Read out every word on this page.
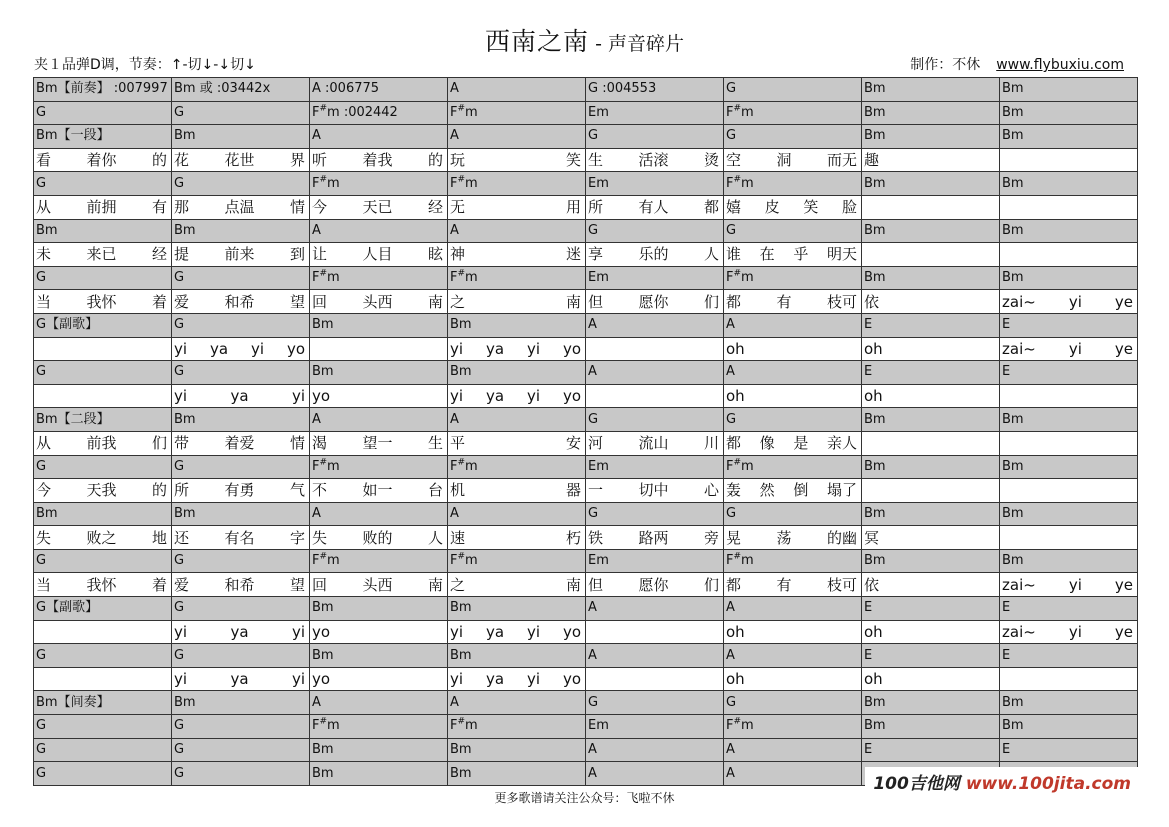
西南之南 - 声音碎片
夹１品弹D调，节奏：↑-切↓-↓切↓	制作：不休 www.flybuxiu.com
Bm【前奏】 :007997	Bm 或 :03442x	A :006775	A	G :004553	G	Bm	Bm
G	G	F#m :002442	F#m	Em	F#m	Bm	Bm
Bm【一段】	Bm	A	A	G	G	Bm	Bm

看 着你 的	花 花世 界	听 着我 的	玩 笑	生 活滚 烫	空 洞 而无	趣	
G	G	F#m	F#m	Em	F#m	Bm	Bm

从 前拥 有	那 点温 情	今 天已 经	无 用	所 有人 都	嬉 皮 笑 脸		

Bm	Bm	A	A	G	G	Bm	Bm

未 来已 经	提 前来 到	让 人目 眩	神 迷	享 乐的 人	谁 在 乎 明天		

G	G	F#m	F#m	Em	F#m	Bm	Bm

当 我怀 着	爱 和希 望	回 头西 南	之 南	但 愿你 们	都 有 枝可	依	zai~ yi ye

G【副歌】	G	Bm	Bm	A	A	E	E

	yi ya yi yo		yi ya yi yo		oh	oh	zai~ yi ye

G	G	Bm	Bm	A	A	E	E

	yi ya yi	yo	yi ya yi yo		oh	oh	
Bm【二段】	Bm	A	A	G	G	Bm	Bm

从 前我 们	带 着爱 情	渴 望一 生	平 安	河 流山 川	都 像 是 亲人		

G	G	F#m	F#m	Em	F#m	Bm	Bm

今 天我 的	所 有勇 气	不 如一 台	机 器	一 切中 心	轰 然 倒 塌了		

Bm	Bm	A	A	G	G	Bm	Bm

失 败之 地	还 有名 字	失 败的 人	速 朽	铁 路两 旁	晃 荡 的幽	冥	
G	G	F#m	F#m	Em	F#m	Bm	Bm

当 我怀 着	爱 和希 望	回 头西 南	之 南	但 愿你 们	都 有 枝可	依	zai~ yi ye

G【副歌】	G	Bm	Bm	A	A	E	E

	yi ya yi	yo	yi ya yi yo		oh	oh	zai~ yi ye

G	G	Bm	Bm	A	A	E	E

	yi ya yi	yo	yi ya yi yo		oh	oh	
Bm【间奏】	Bm	A	A	G	G	Bm	Bm
G	G	F#m	F#m	Em	F#m	Bm	Bm
G	G	Bm	Bm	A	A	E	E
G	G	Bm	Bm	A	A		
100吉他网 www.100jita.com
更多歌谱请关注公众号：飞啦不休
